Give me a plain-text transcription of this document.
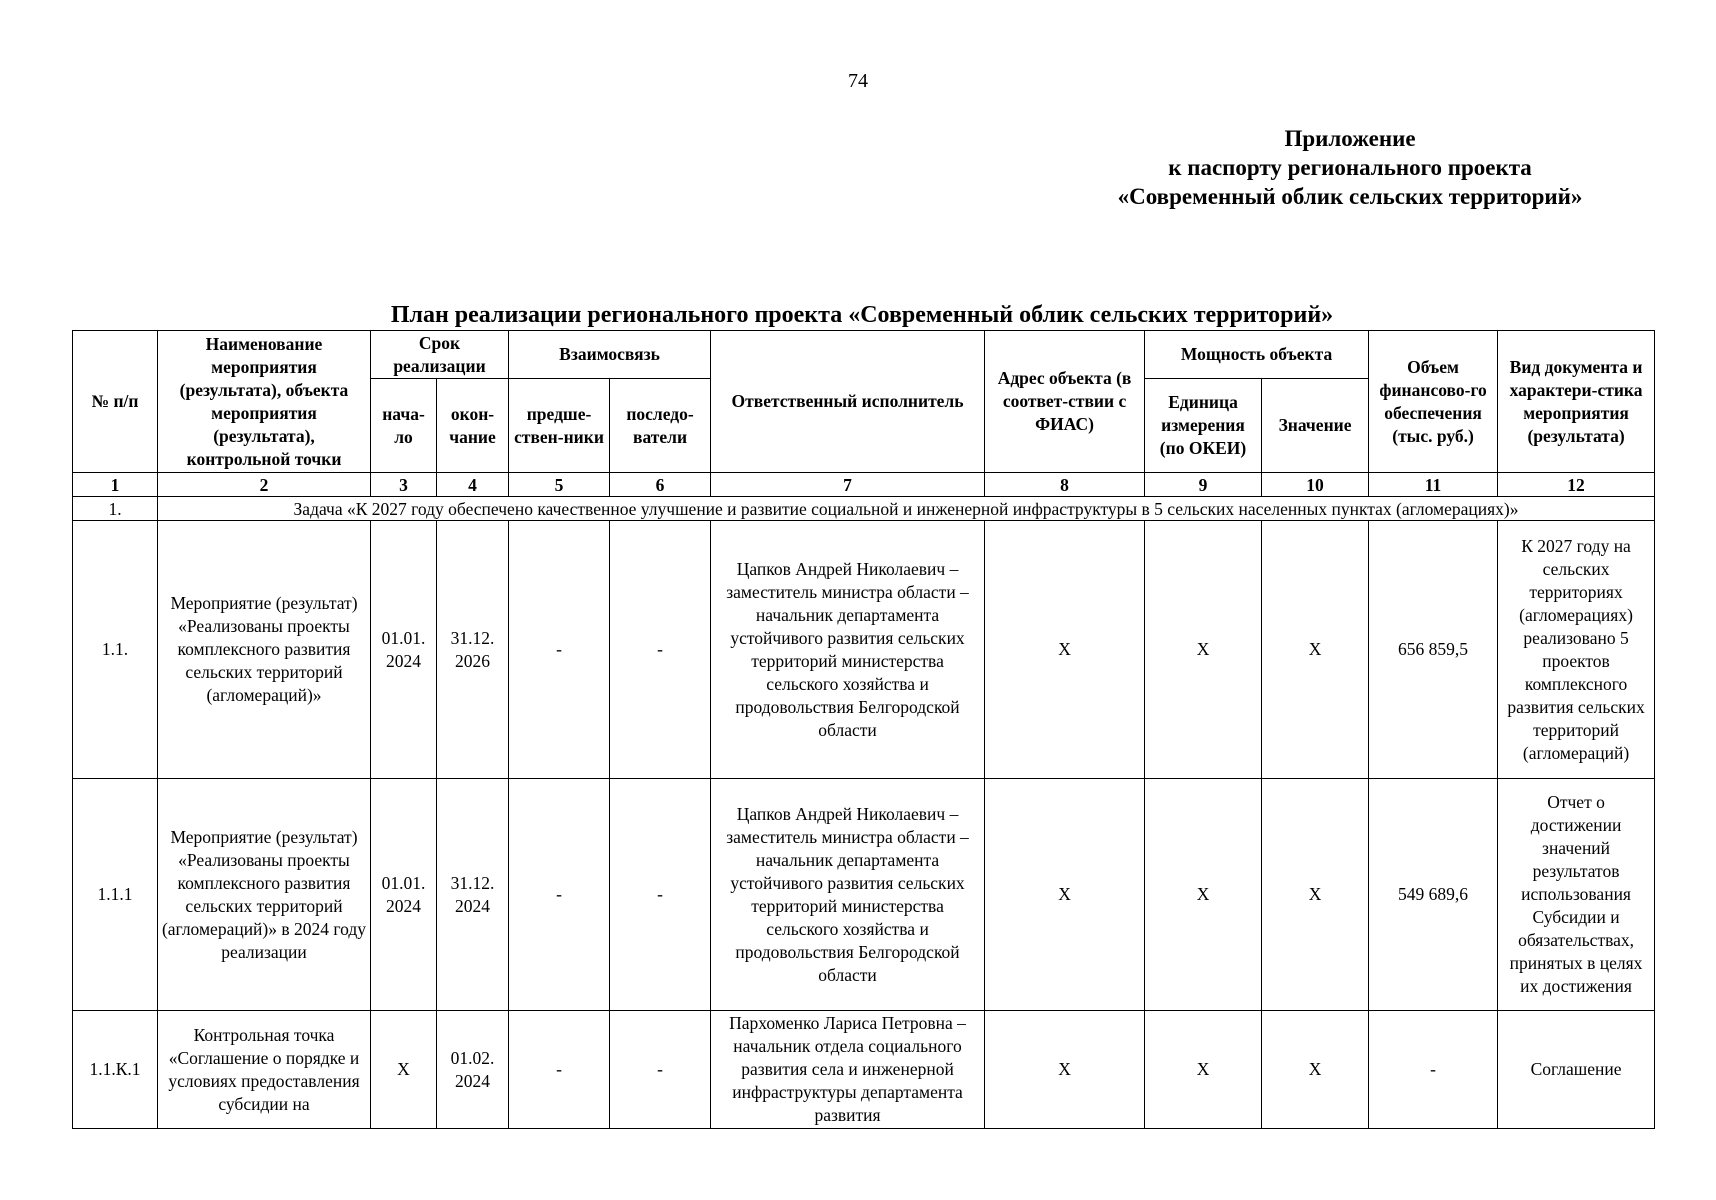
74
Приложение
к паспорту регионального проекта
«Современный облик сельских территорий»
План реализации регионального проекта «Современный облик сельских территорий»
№ п/п	Наименование мероприятия (результата), объекта мероприятия (результата), контрольной точки	Срок реализации		Взаимосвязь		Ответственный исполнитель	Адрес объекта (в соответ-ствии с ФИАС)	Мощность объекта		Объем финансово-го обеспечения (тыс. руб.)	Вид документа и характери-стика мероприятия (результата)
		нача-ло	окон-чание	предше-ствен-ники	последо-ватели			Единица измерения (по ОКЕИ)	Значение		
1	2	3	4	5	6	7	8	9	10	11	12
1.	Задача «К 2027 году обеспечено качественное улучшение и развитие социальной и инженерной инфраструктуры в 5 сельских населенных пунктах (агломерациях)»										
1.1.	Мероприятие (результат) «Реализованы проекты комплексного развития сельских территорий (агломераций)»	01.01. 2024	31.12. 2026	-	-	Цапков Андрей Николаевич – заместитель министра области – начальник департамента устойчивого развития сельских территорий министерства сельского хозяйства и продовольствия Белгородской области	X	X	X	656 859,5	К 2027 году на сельских территориях (агломерациях) реализовано 5 проектов комплексного развития сельских территорий (агломераций)
1.1.1	Мероприятие (результат) «Реализованы проекты комплексного развития сельских территорий (агломераций)» в 2024 году реализации	01.01. 2024	31.12. 2024	-	-	Цапков Андрей Николаевич – заместитель министра области – начальник департамента устойчивого развития сельских территорий министерства сельского хозяйства и продовольствия Белгородской области	X	X	X	549 689,6	Отчет о достижении значений результатов использования Субсидии и обязательствах, принятых в целях их достижения
1.1.К.1	Контрольная точка «Соглашение о порядке и условиях предоставления субсидии на	X	01.02. 2024	-	-	Пархоменко Лариса Петровна – начальник отдела социального развития села и инженерной инфраструктуры департамента развития	X	X	X	-	Соглашение
